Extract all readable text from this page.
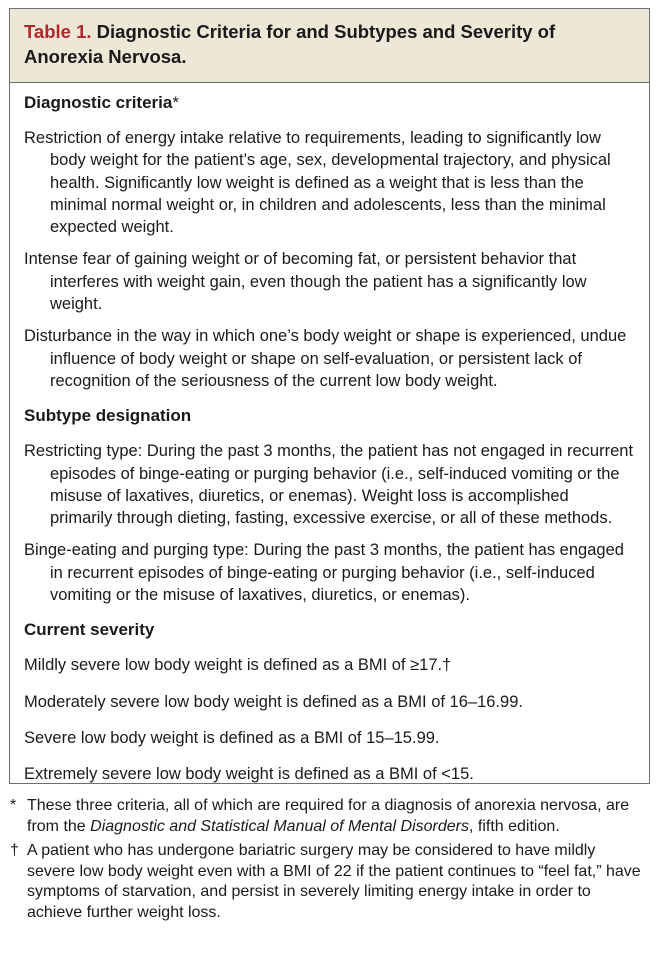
Table 1. Diagnostic Criteria for and Subtypes and Severity of Anorexia Nervosa.
Diagnostic criteria*
Restriction of energy intake relative to requirements, leading to significantly low body weight for the patient’s age, sex, developmental trajectory, and physical health. Significantly low weight is defined as a weight that is less than the minimal normal weight or, in children and adolescents, less than the minimal expected weight.
Intense fear of gaining weight or of becoming fat, or persistent behavior that interferes with weight gain, even though the patient has a significantly low weight.
Disturbance in the way in which one’s body weight or shape is experienced, undue influence of body weight or shape on self-evaluation, or persistent lack of recognition of the seriousness of the current low body weight.
Subtype designation
Restricting type: During the past 3 months, the patient has not engaged in recurrent episodes of binge-eating or purging behavior (i.e., self-induced vomiting or the misuse of laxatives, diuretics, or enemas). Weight loss is accomplished primarily through dieting, fasting, excessive exercise, or all of these methods.
Binge-eating and purging type: During the past 3 months, the patient has engaged in recurrent episodes of binge-eating or purging behavior (i.e., self-induced vomiting or the misuse of laxatives, diuretics, or enemas).
Current severity
Mildly severe low body weight is defined as a BMI of ≥17.†
Moderately severe low body weight is defined as a BMI of 16–16.99.
Severe low body weight is defined as a BMI of 15–15.99.
Extremely severe low body weight is defined as a BMI of <15.
* These three criteria, all of which are required for a diagnosis of anorexia nervosa, are from the Diagnostic and Statistical Manual of Mental Disorders, fifth edition.
† A patient who has undergone bariatric surgery may be considered to have mildly severe low body weight even with a BMI of 22 if the patient continues to “feel fat,” have symptoms of starvation, and persist in severely limiting energy intake in order to achieve further weight loss.
